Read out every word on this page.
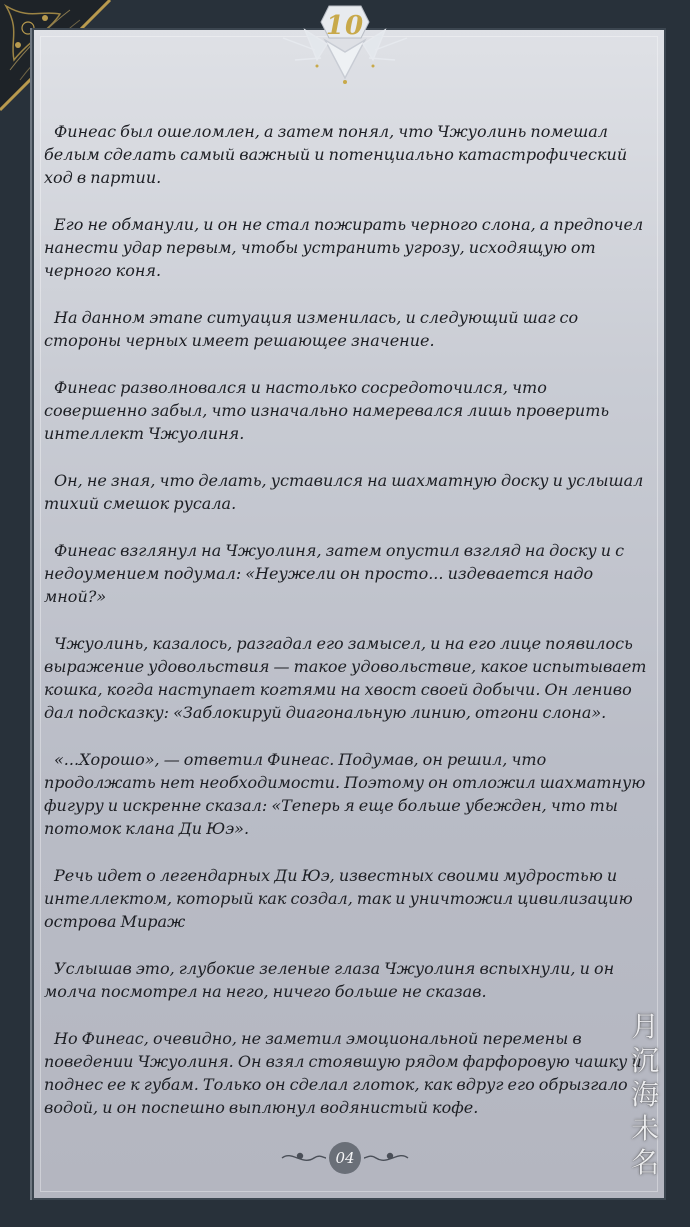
10

Финеас был ошеломлен, а затем понял, что Чжуолинь помешал белым сделать самый важный и потенциально катастрофический ход в партии.

Его не обманули, и он не стал пожирать черного слона, а предпочел нанести удар первым, чтобы устранить угрозу, исходящую от черного коня.

На данном этапе ситуация изменилась, и следующий шаг со стороны черных имеет решающее значение.

Финеас разволновался и настолько сосредоточился, что совершенно забыл, что изначально намеревался лишь проверить интеллект Чжуолиня.

Он, не зная, что делать, уставился на шахматную доску и услышал тихий смешок русала.

Финеас взглянул на Чжуолиня, затем опустил взгляд на доску и с недоумением подумал: «Неужели он просто... издевается надо мной?»

Чжуолинь, казалось, разгадал его замысел, и на его лице появилось выражение удовольствия — такое удовольствие, какое испытывает кошка, когда наступает когтями на хвост своей добычи. Он лениво дал подсказку: «Заблокируй диагональную линию, отгони слона».

«...Хорошо», — ответил Финеас. Подумав, он решил, что продолжать нет необходимости. Поэтому он отложил шахматную фигуру и искренне сказал: «Теперь я еще больше убежден, что ты потомок клана Ди Юэ».

Речь идет о легендарных Ди Юэ, известных своими мудростью и интеллектом, который как создал, так и уничтожил цивилизацию острова Мираж

Услышав это, глубокие зеленые глаза Чжуолиня вспыхнули, и он молча посмотрел на него, ничего больше не сказав.

Но Финеас, очевидно, не заметил эмоциональной перемены в поведении Чжуолиня. Он взял стоявшую рядом фарфоровую чашку и поднес ее к губам. Только он сделал глоток, как вдруг его обрызгало водой, и он поспешно выплюнул водянистый кофе.

月
沉
海
未
名
04
